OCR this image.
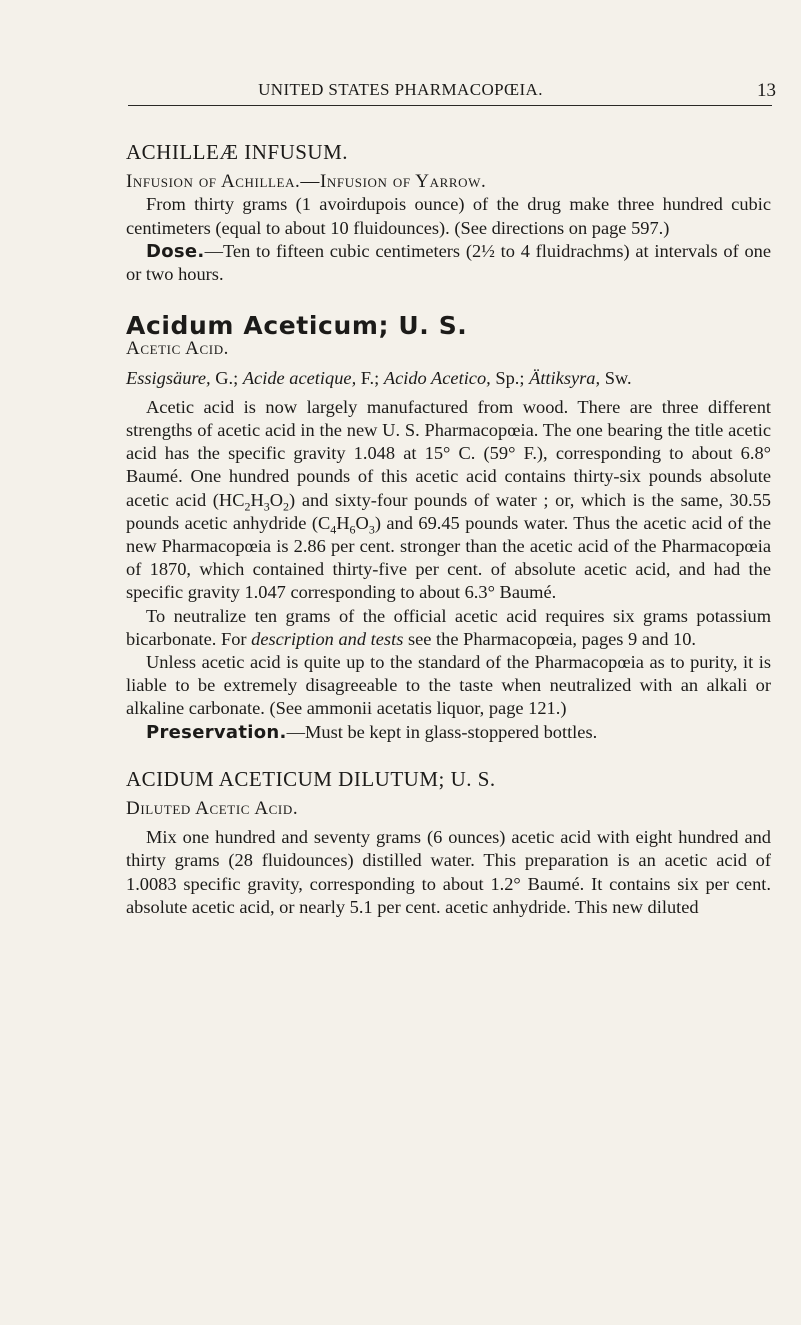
UNITED STATES PHARMACOPŒIA.	13

ACHILLEÆ INFUSUM.

Infusion of Achillea.—Infusion of Yarrow.

From thirty grams (1 avoirdupois ounce) of the drug make three hundred cubic centimeters (equal to about 10 fluidounces). (See directions on page 597.)

Dose.—Ten to fifteen cubic centimeters (2½ to 4 fluidrachms) at intervals of one or two hours.

Acidum Aceticum; U. S.

Acetic Acid.

Essigsäure, G.; Acide acetique, F.; Acido Acetico, Sp.; Ättiksyra, Sw.

Acetic acid is now largely manufactured from wood. There are three different strengths of acetic acid in the new U. S. Pharmacopœia. The one bearing the title acetic acid has the specific gravity 1.048 at 15° C. (59° F.), corresponding to about 6.8° Baumé. One hundred pounds of this acetic acid contains thirty-six pounds absolute acetic acid $(HC_2H_3O_2)$ and sixty-four pounds of water ; or, which is the same, 30.55 pounds acetic anhydride $(C_4H_6O_3)$ and 69.45 pounds water. Thus the acetic acid of the new Pharmacopœia is 2.86 per cent. stronger than the acetic acid of the Pharmacopœia of 1870, which contained thirty-five per cent. of absolute acetic acid, and had the specific gravity 1.047 corresponding to about 6.3° Baumé.

To neutralize ten grams of the official acetic acid requires six grams potassium bicarbonate. For description and tests see the Pharmacopœia, pages 9 and 10.

Unless acetic acid is quite up to the standard of the Pharmacopœia as to purity, it is liable to be extremely disagreeable to the taste when neutralized with an alkali or alkaline carbonate. (See ammonii acetatis liquor, page 121.)

Preservation.—Must be kept in glass-stoppered bottles.

ACIDUM ACETICUM DILUTUM; U. S.

Diluted Acetic Acid.

Mix one hundred and seventy grams (6 ounces) acetic acid with eight hundred and thirty grams (28 fluidounces) distilled water. This preparation is an acetic acid of 1.0083 specific gravity, corresponding to about 1.2° Baumé. It contains six per cent. absolute acetic acid, or nearly 5.1 per cent. acetic anhydride. This new diluted
